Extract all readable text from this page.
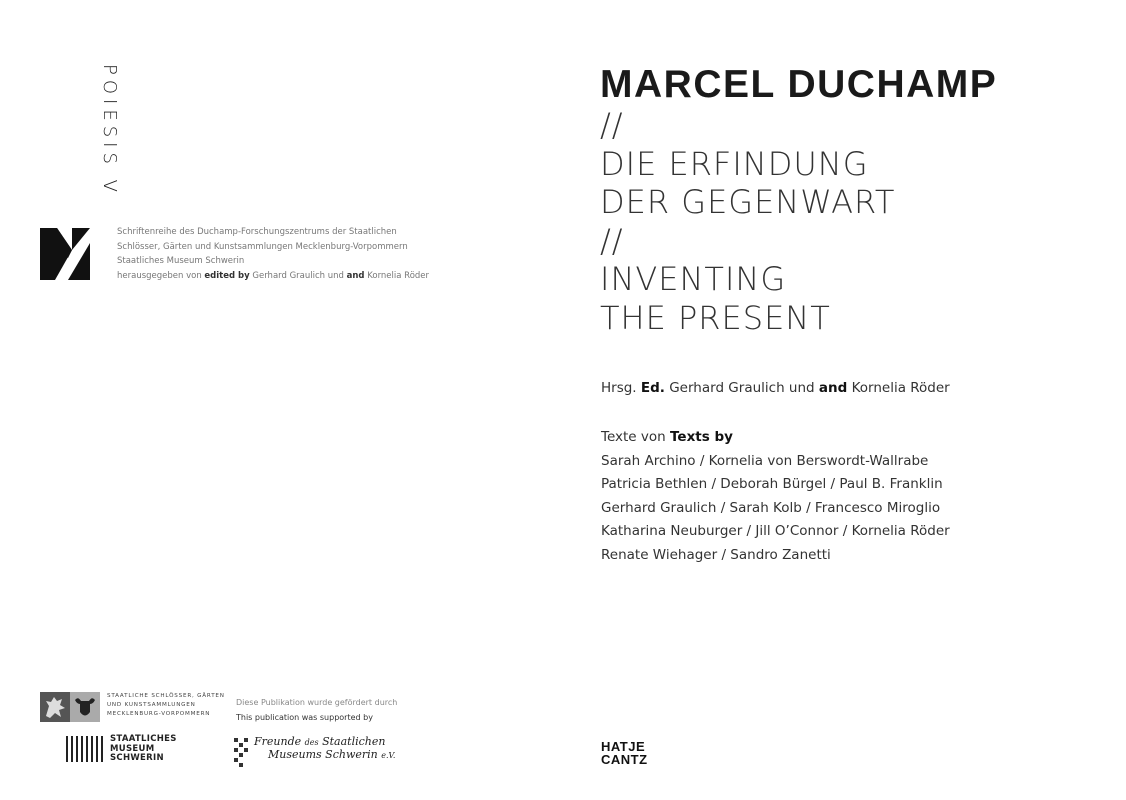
POIESIS V
Schriftenreihe des Duchamp-Forschungszentrums der Staatlichen
Schlösser, Gärten und Kunstsammlungen Mecklenburg-Vorpommern
Staatliches Museum Schwerin
herausgegeben von edited by Gerhard Graulich und and Kornelia Röder
STAATLICHE SCHLÖSSER, GÄRTEN
UND KUNSTSAMMLUNGEN
MECKLENBURG-VORPOMMERN
Diese Publikation wurde gefördert durch
This publication was supported by
STAATLICHES
MUSEUM
SCHWERIN
Freunde des Staatlichen
Museums Schwerin e.V.
MARCEL DUCHAMP
//
DIE ERFINDUNG
DER GEGENWART
//
INVENTING
THE PRESENT
Hrsg. Ed. Gerhard Graulich und and Kornelia Röder
Texte von Texts by
Sarah Archino / Kornelia von Berswordt-Wallrabe
Patricia Bethlen / Deborah Bürgel / Paul B. Franklin
Gerhard Graulich / Sarah Kolb / Francesco Miroglio
Katharina Neuburger / Jill O’Connor / Kornelia Röder
Renate Wiehager / Sandro Zanetti
HATJE
CANTZ
